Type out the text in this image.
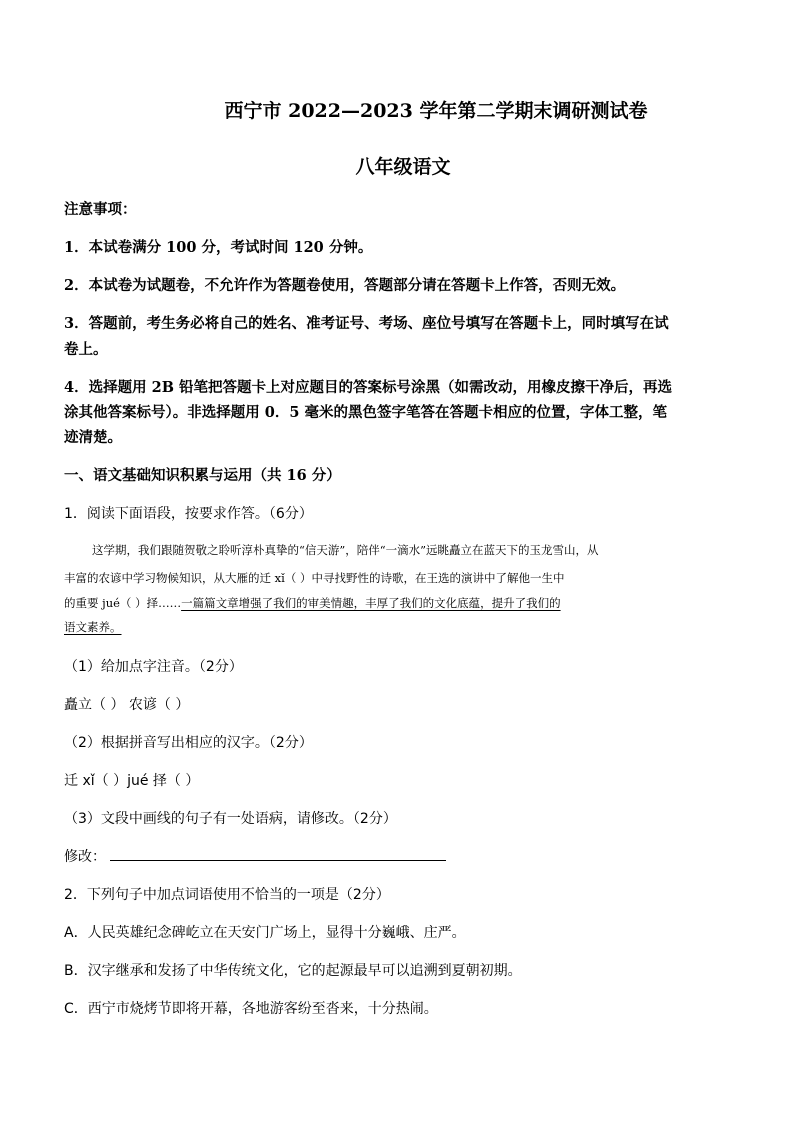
西宁市 2022—2023 学年第二学期末调研测试卷
八年级语文
注意事项：
1．本试卷满分 100 分，考试时间 120 分钟。
2．本试卷为试题卷，不允许作为答题卷使用，答题部分请在答题卡上作答，否则无效。
3．答题前，考生务必将自己的姓名、准考证号、考场、座位号填写在答题卡上，同时填写在试
卷上。
4．选择题用 2B 铅笔把答题卡上对应题目的答案标号涂黑（如需改动，用橡皮擦干净后，再选
涂其他答案标号）。非选择题用 0．5 毫米的黑色签字笔答在答题卡相应的位置，字体工整，笔
迹清楚。
一、语文基础知识积累与运用（共 16 分）
1．阅读下面语段，按要求作答。（6分）
这学期，我们跟随贺敬之聆听淳朴真挚的“信天游”，陪伴“一滴水”远眺矗立在蓝天下的玉龙雪山，从
丰富的农谚中学习物候知识，从大雁的迁 xǐ（ ）中寻找野性的诗歌，在王选的演讲中了解他一生中
的重要 jué（ ）择……一篇篇文章增强了我们的审美情趣，丰厚了我们的文化底蕴，提升了我们的
语文素养。
（1）给加点字注音。（2分）
矗立（ ） 农谚（ ）
（2）根据拼音写出相应的汉字。（2分）
迁 xǐ（ ）jué 择（ ）
（3）文段中画线的句子有一处语病，请修改。（2分）
修改：
2．下列句子中加点词语使用不恰当的一项是（2分）
A．人民英雄纪念碑屹立在天安门广场上，显得十分巍峨、庄严。
B．汉字继承和发扬了中华传统文化，它的起源最早可以追溯到夏朝初期。
C．西宁市烧烤节即将开幕，各地游客纷至沓来，十分热闹。
